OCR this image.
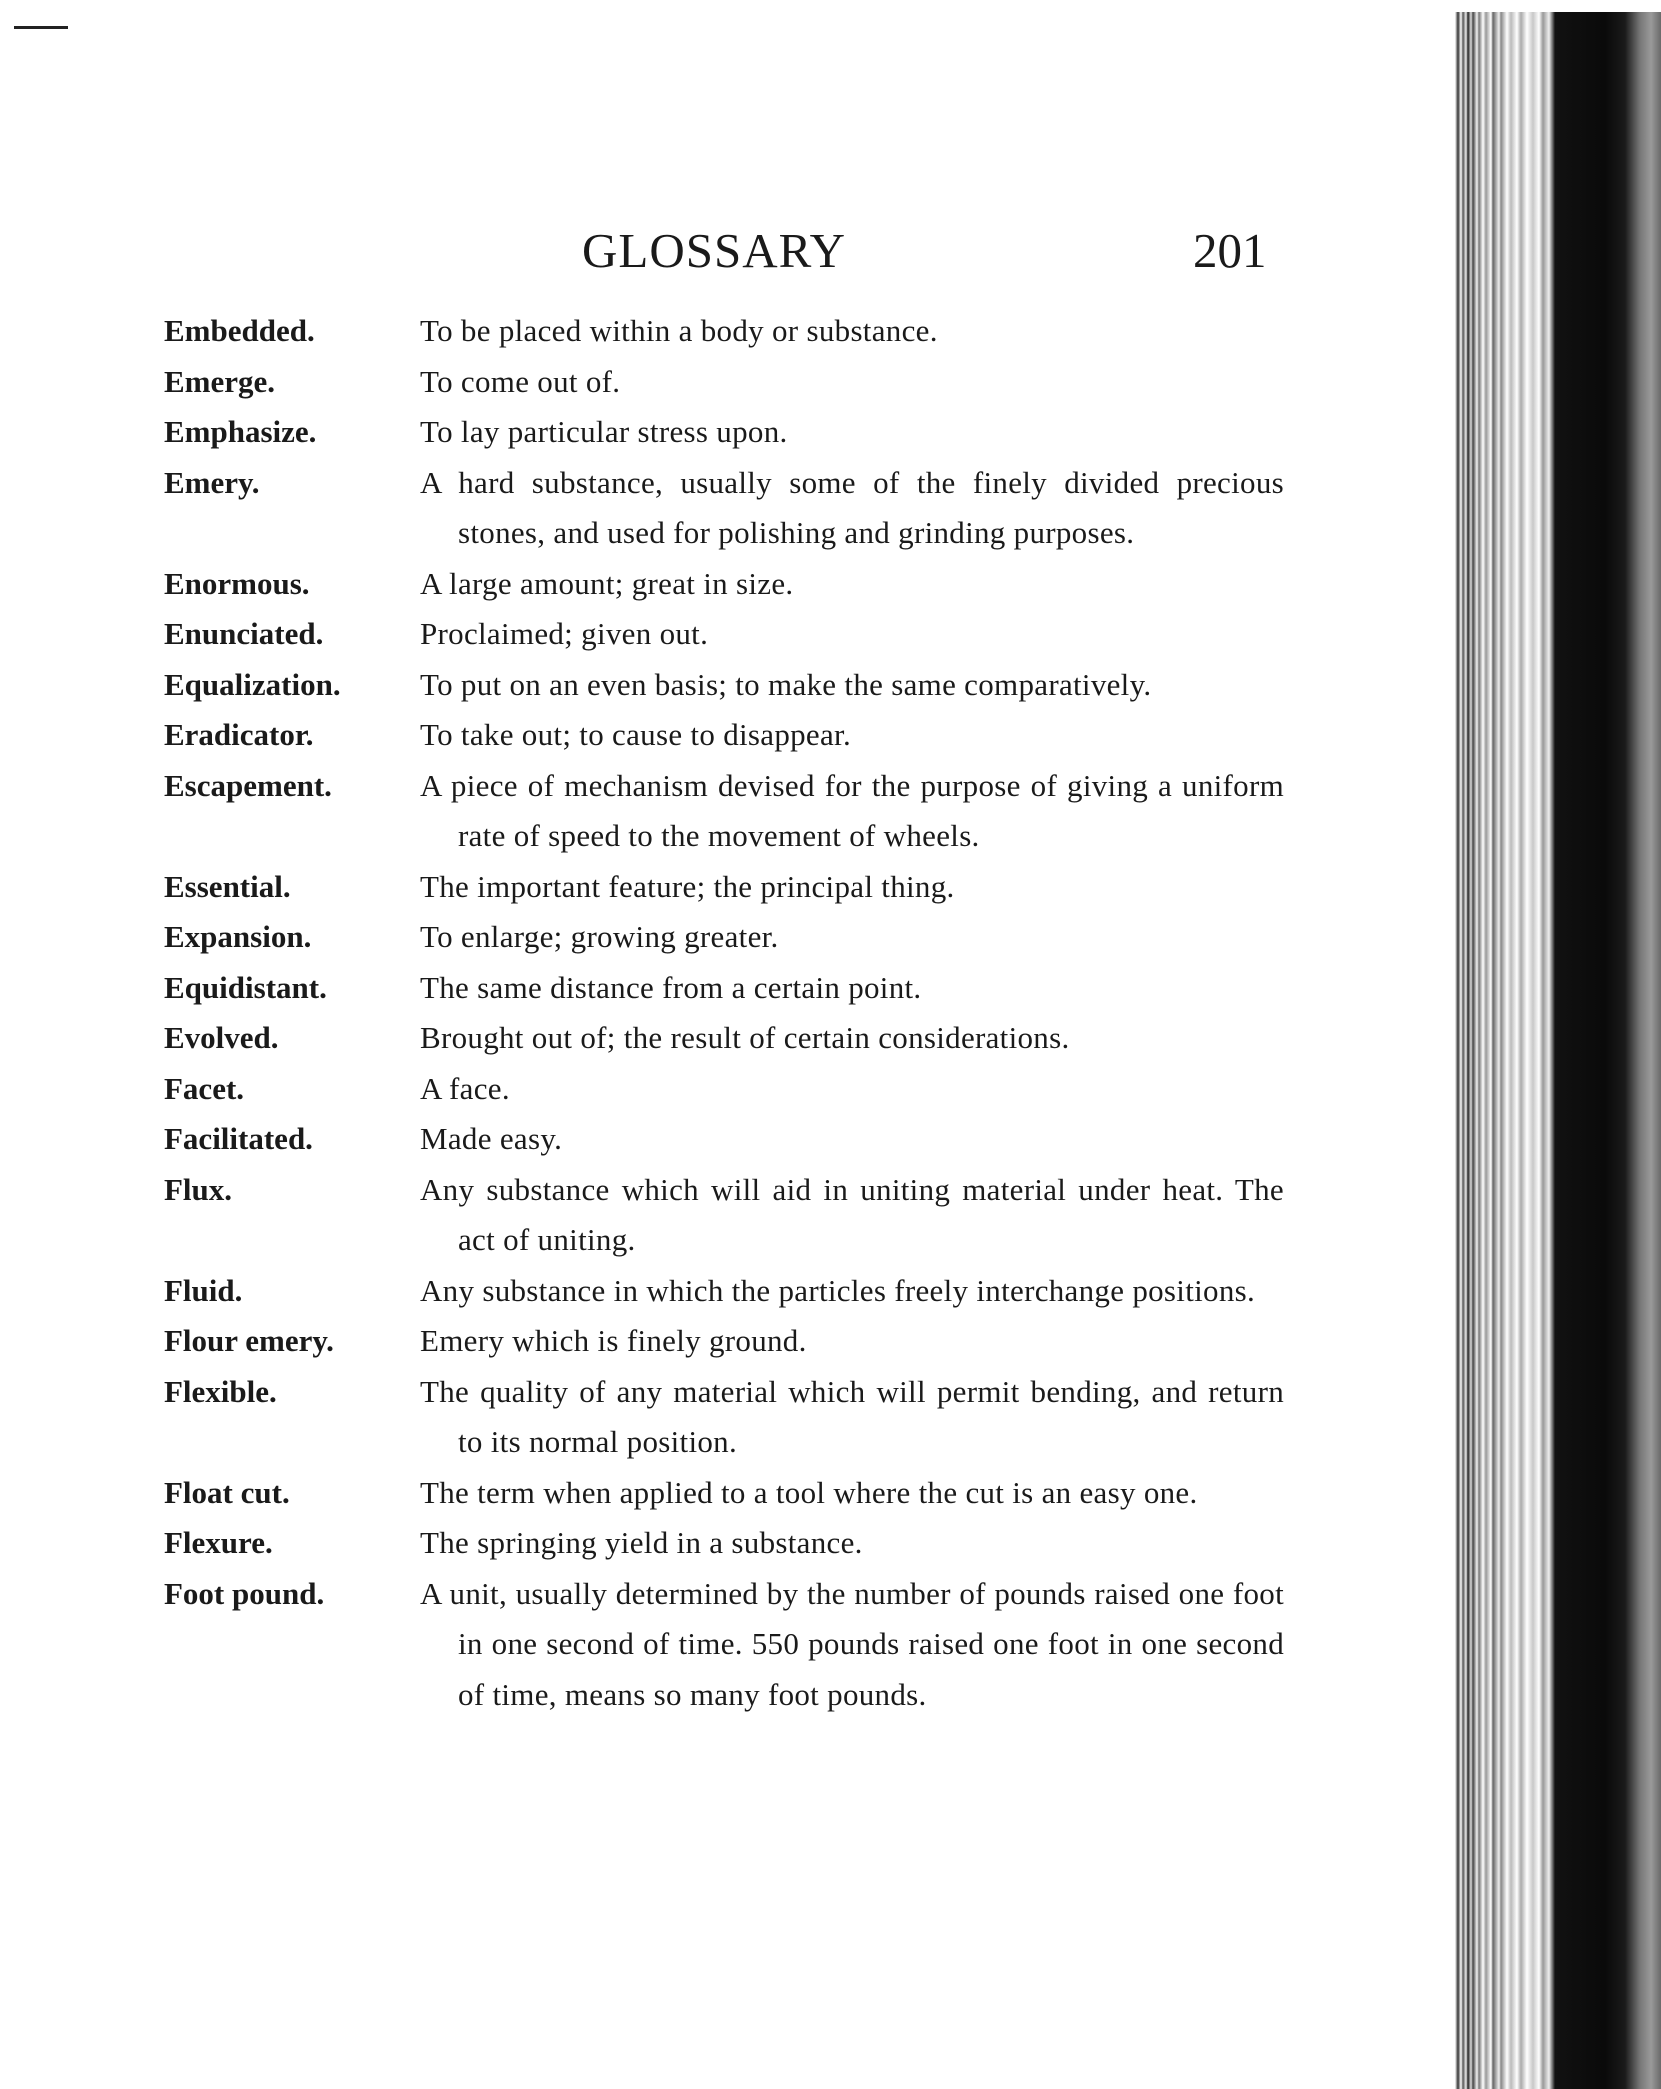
GLOSSARY	201
Embedded.	To be placed within a body or substance.
Emerge.	To come out of.
Emphasize.	To lay particular stress upon.
Emery.	A hard substance, usually some of the finely divided precious stones, and used for polishing and grinding purposes.
Enormous.	A large amount; great in size.
Enunciated.	Proclaimed; given out.
Equalization.	To put on an even basis; to make the same comparatively.
Eradicator.	To take out; to cause to disappear.
Escapement.	A piece of mechanism devised for the purpose of giving a uniform rate of speed to the movement of wheels.
Essential.	The important feature; the principal thing.
Expansion.	To enlarge; growing greater.
Equidistant.	The same distance from a certain point.
Evolved.	Brought out of; the result of certain considerations.
Facet.	A face.
Facilitated.	Made easy.
Flux.	Any substance which will aid in uniting material under heat. The act of uniting.
Fluid.	Any substance in which the particles freely interchange positions.
Flour emery.	Emery which is finely ground.
Flexible.	The quality of any material which will permit bending, and return to its normal position.
Float cut.	The term when applied to a tool where the cut is an easy one.
Flexure.	The springing yield in a substance.
Foot pound.	A unit, usually determined by the number of pounds raised one foot in one second of time. 550 pounds raised one foot in one second of time, means so many foot pounds.
